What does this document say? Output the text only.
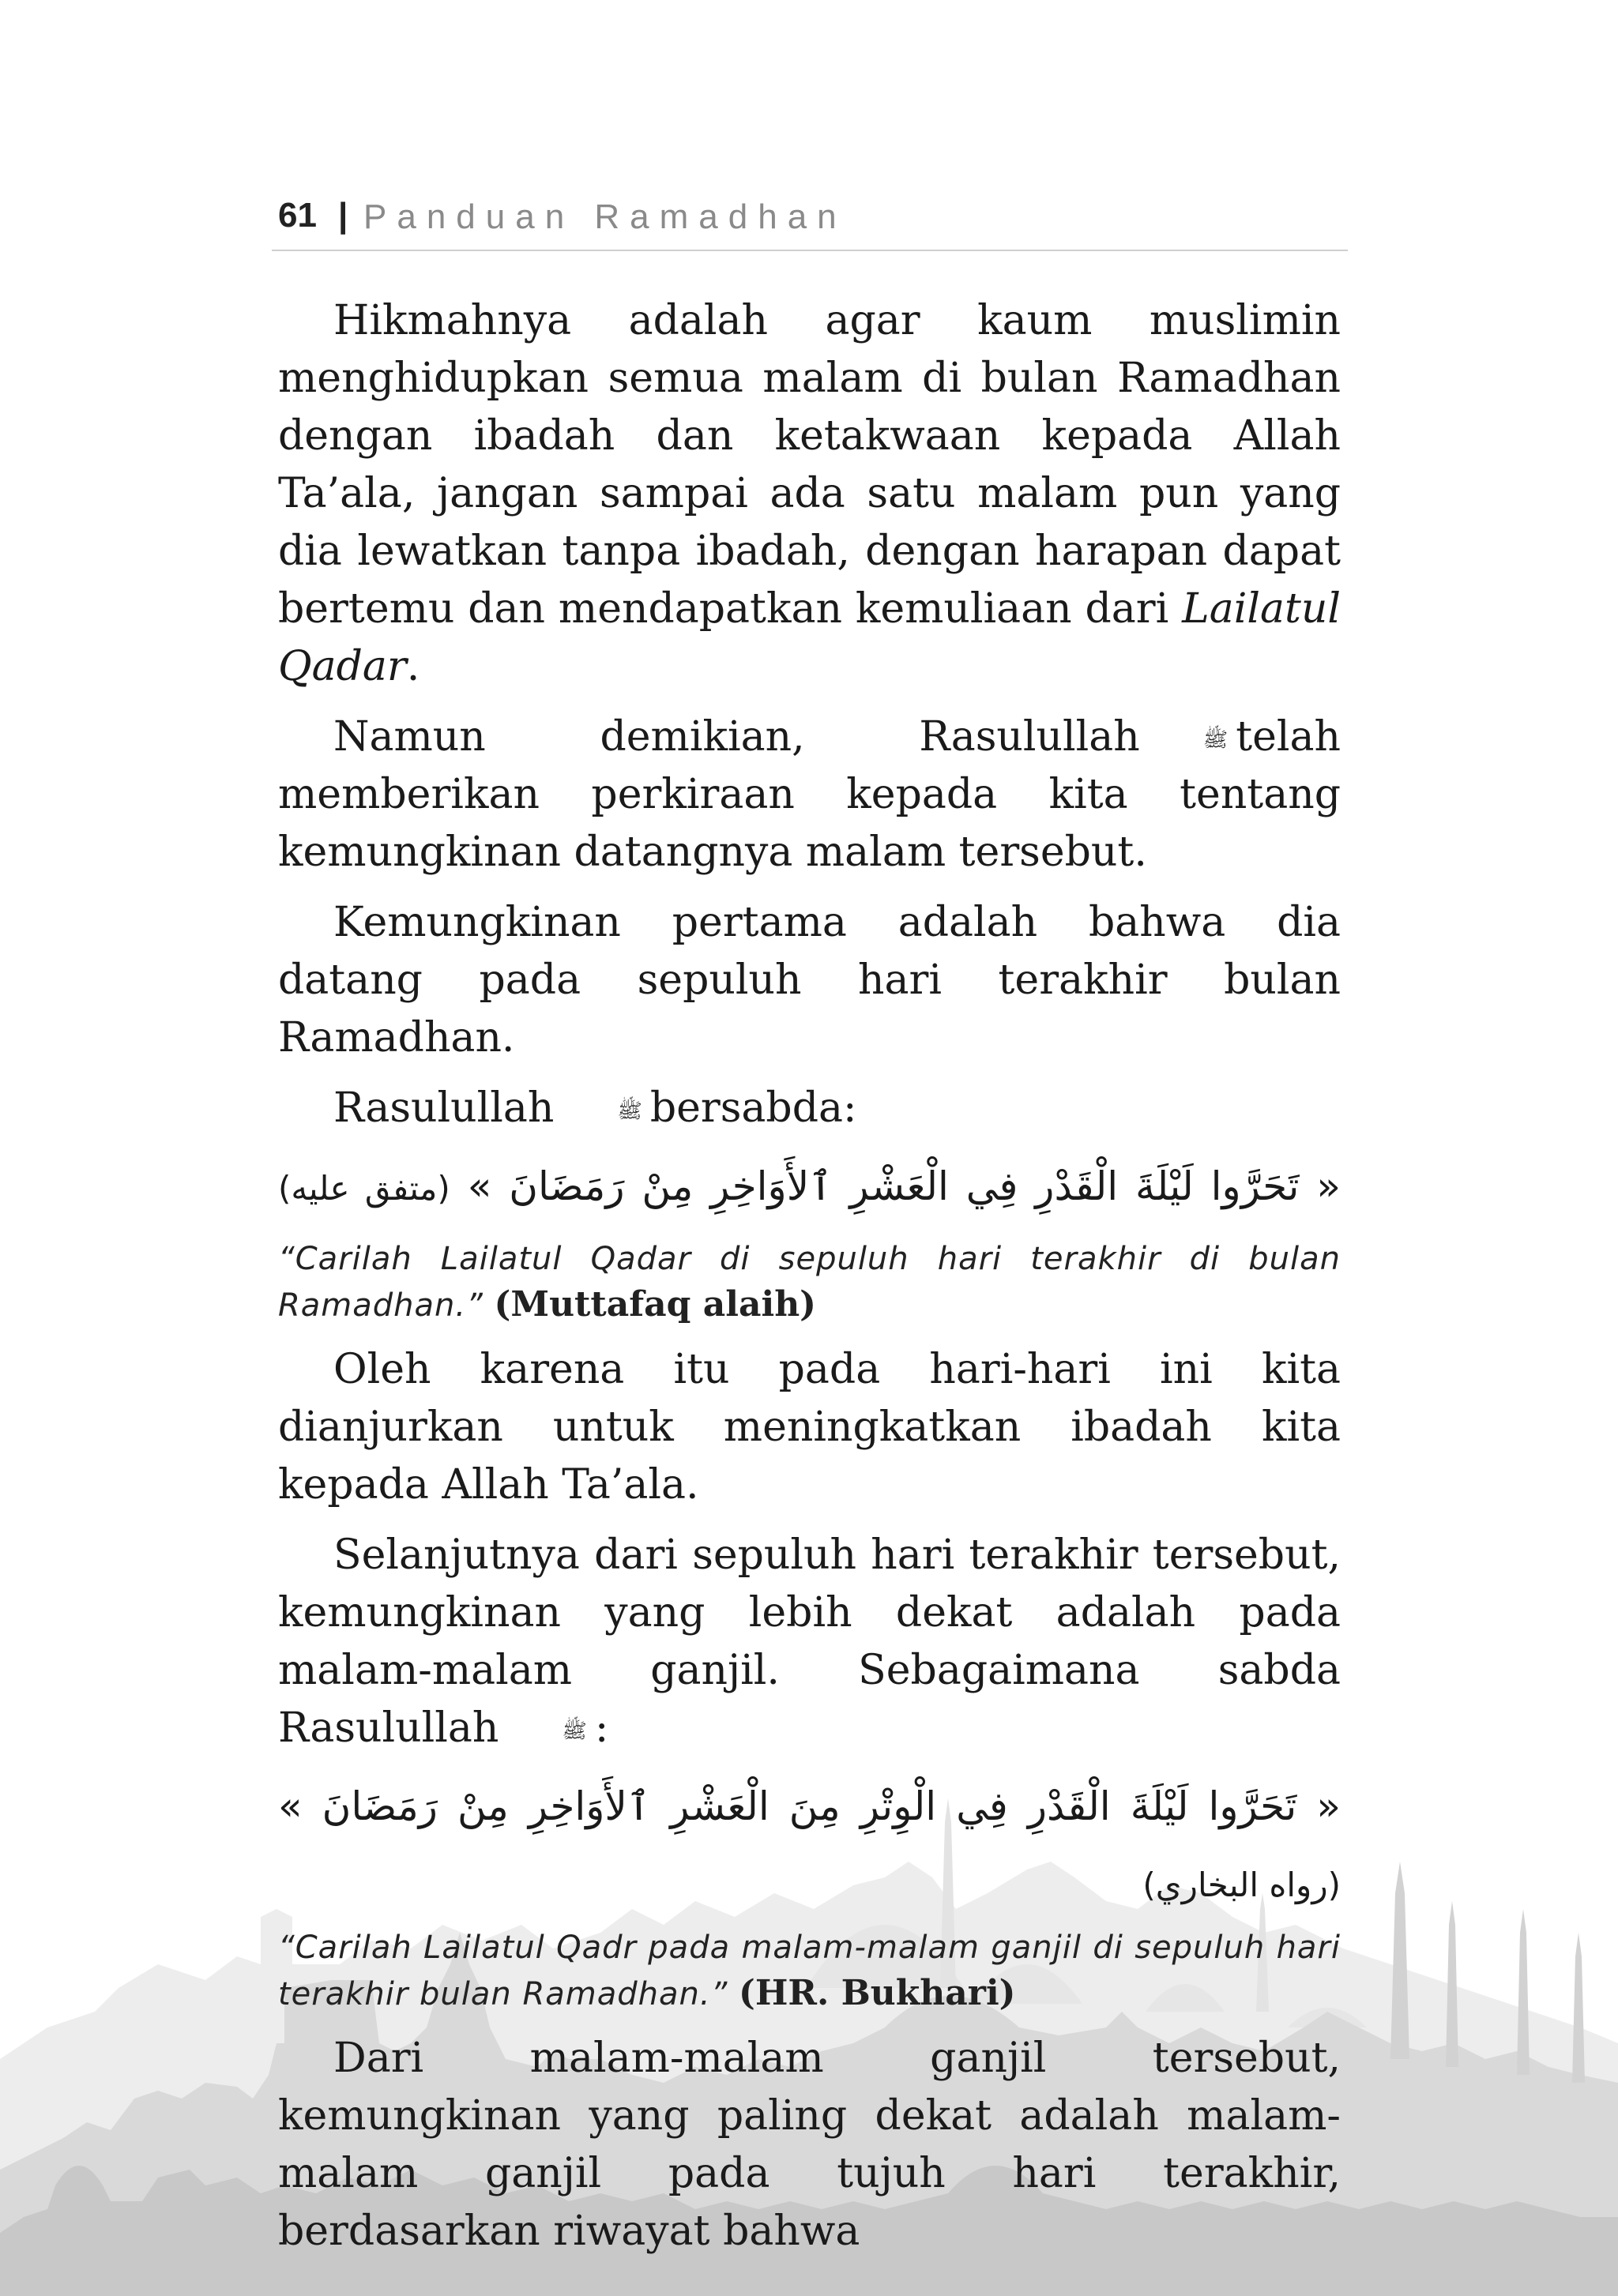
61 | Panduan Ramadhan

Hikmahnya adalah agar kaum muslimin menghidupkan semua malam di bulan Ramadhan dengan ibadah dan ketakwaan kepada Allah Ta’ala, jangan sampai ada satu malam pun yang dia lewatkan tanpa ibadah, dengan harapan dapat bertemu dan mendapatkan kemuliaan dari Lailatul Qadar.

Namun demikian, Rasulullah	ﷺ telah memberikan perkiraan kepada kita tentang kemungkinan datangnya malam tersebut.

Kemungkinan pertama adalah bahwa dia datang pada sepuluh hari terakhir bulan Ramadhan.

Rasulullah	ﷺ bersabda:

« تَحَرَّوا لَيْلَةَ الْقَدْرِ فِي الْعَشْرِ ٱلأَوَاخِرِ مِنْ رَمَضَانَ » (متفق عليه)

“Carilah Lailatul Qadar di sepuluh hari terakhir di bulan Ramadhan.” (Muttafaq alaih)

Oleh karena itu pada hari-hari ini kita dianjurkan untuk meningkatkan ibadah kita kepada Allah Ta’ala.

Selanjutnya dari sepuluh hari terakhir tersebut, kemungkinan yang lebih dekat adalah pada malam-malam ganjil. Sebagaimana sabda Rasulullah	ﷺ :

« تَحَرَّوا لَيْلَةَ الْقَدْرِ فِي الْوِتْرِ مِنَ الْعَشْرِ ٱلأَوَاخِرِ مِنْ رَمَضَانَ »
(رواه البخاري)

“Carilah Lailatul Qadr pada malam-malam ganjil di sepuluh hari terakhir bulan Ramadhan.” (HR. Bukhari)

Dari malam-malam ganjil tersebut, kemungkinan yang paling dekat adalah malam-malam ganjil pada tujuh hari terakhir, berdasarkan riwayat bahwa
